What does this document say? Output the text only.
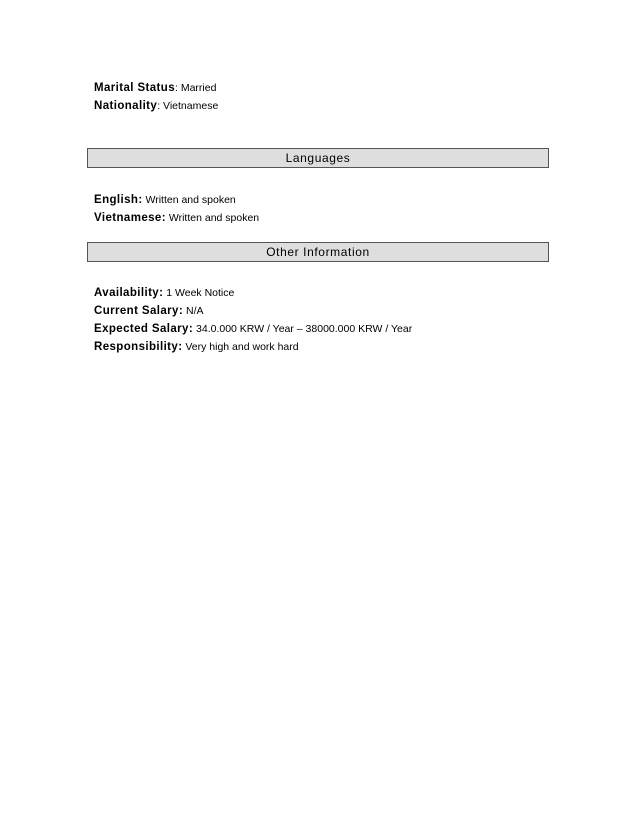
Marital Status: Married
Nationality: Vietnamese
Languages
English: Written and spoken
Vietnamese: Written and spoken
Other Information
Availability: 1 Week Notice
Current Salary: N/A
Expected Salary: 34.0.000 KRW / Year – 38000.000 KRW / Year
Responsibility: Very high and work hard
